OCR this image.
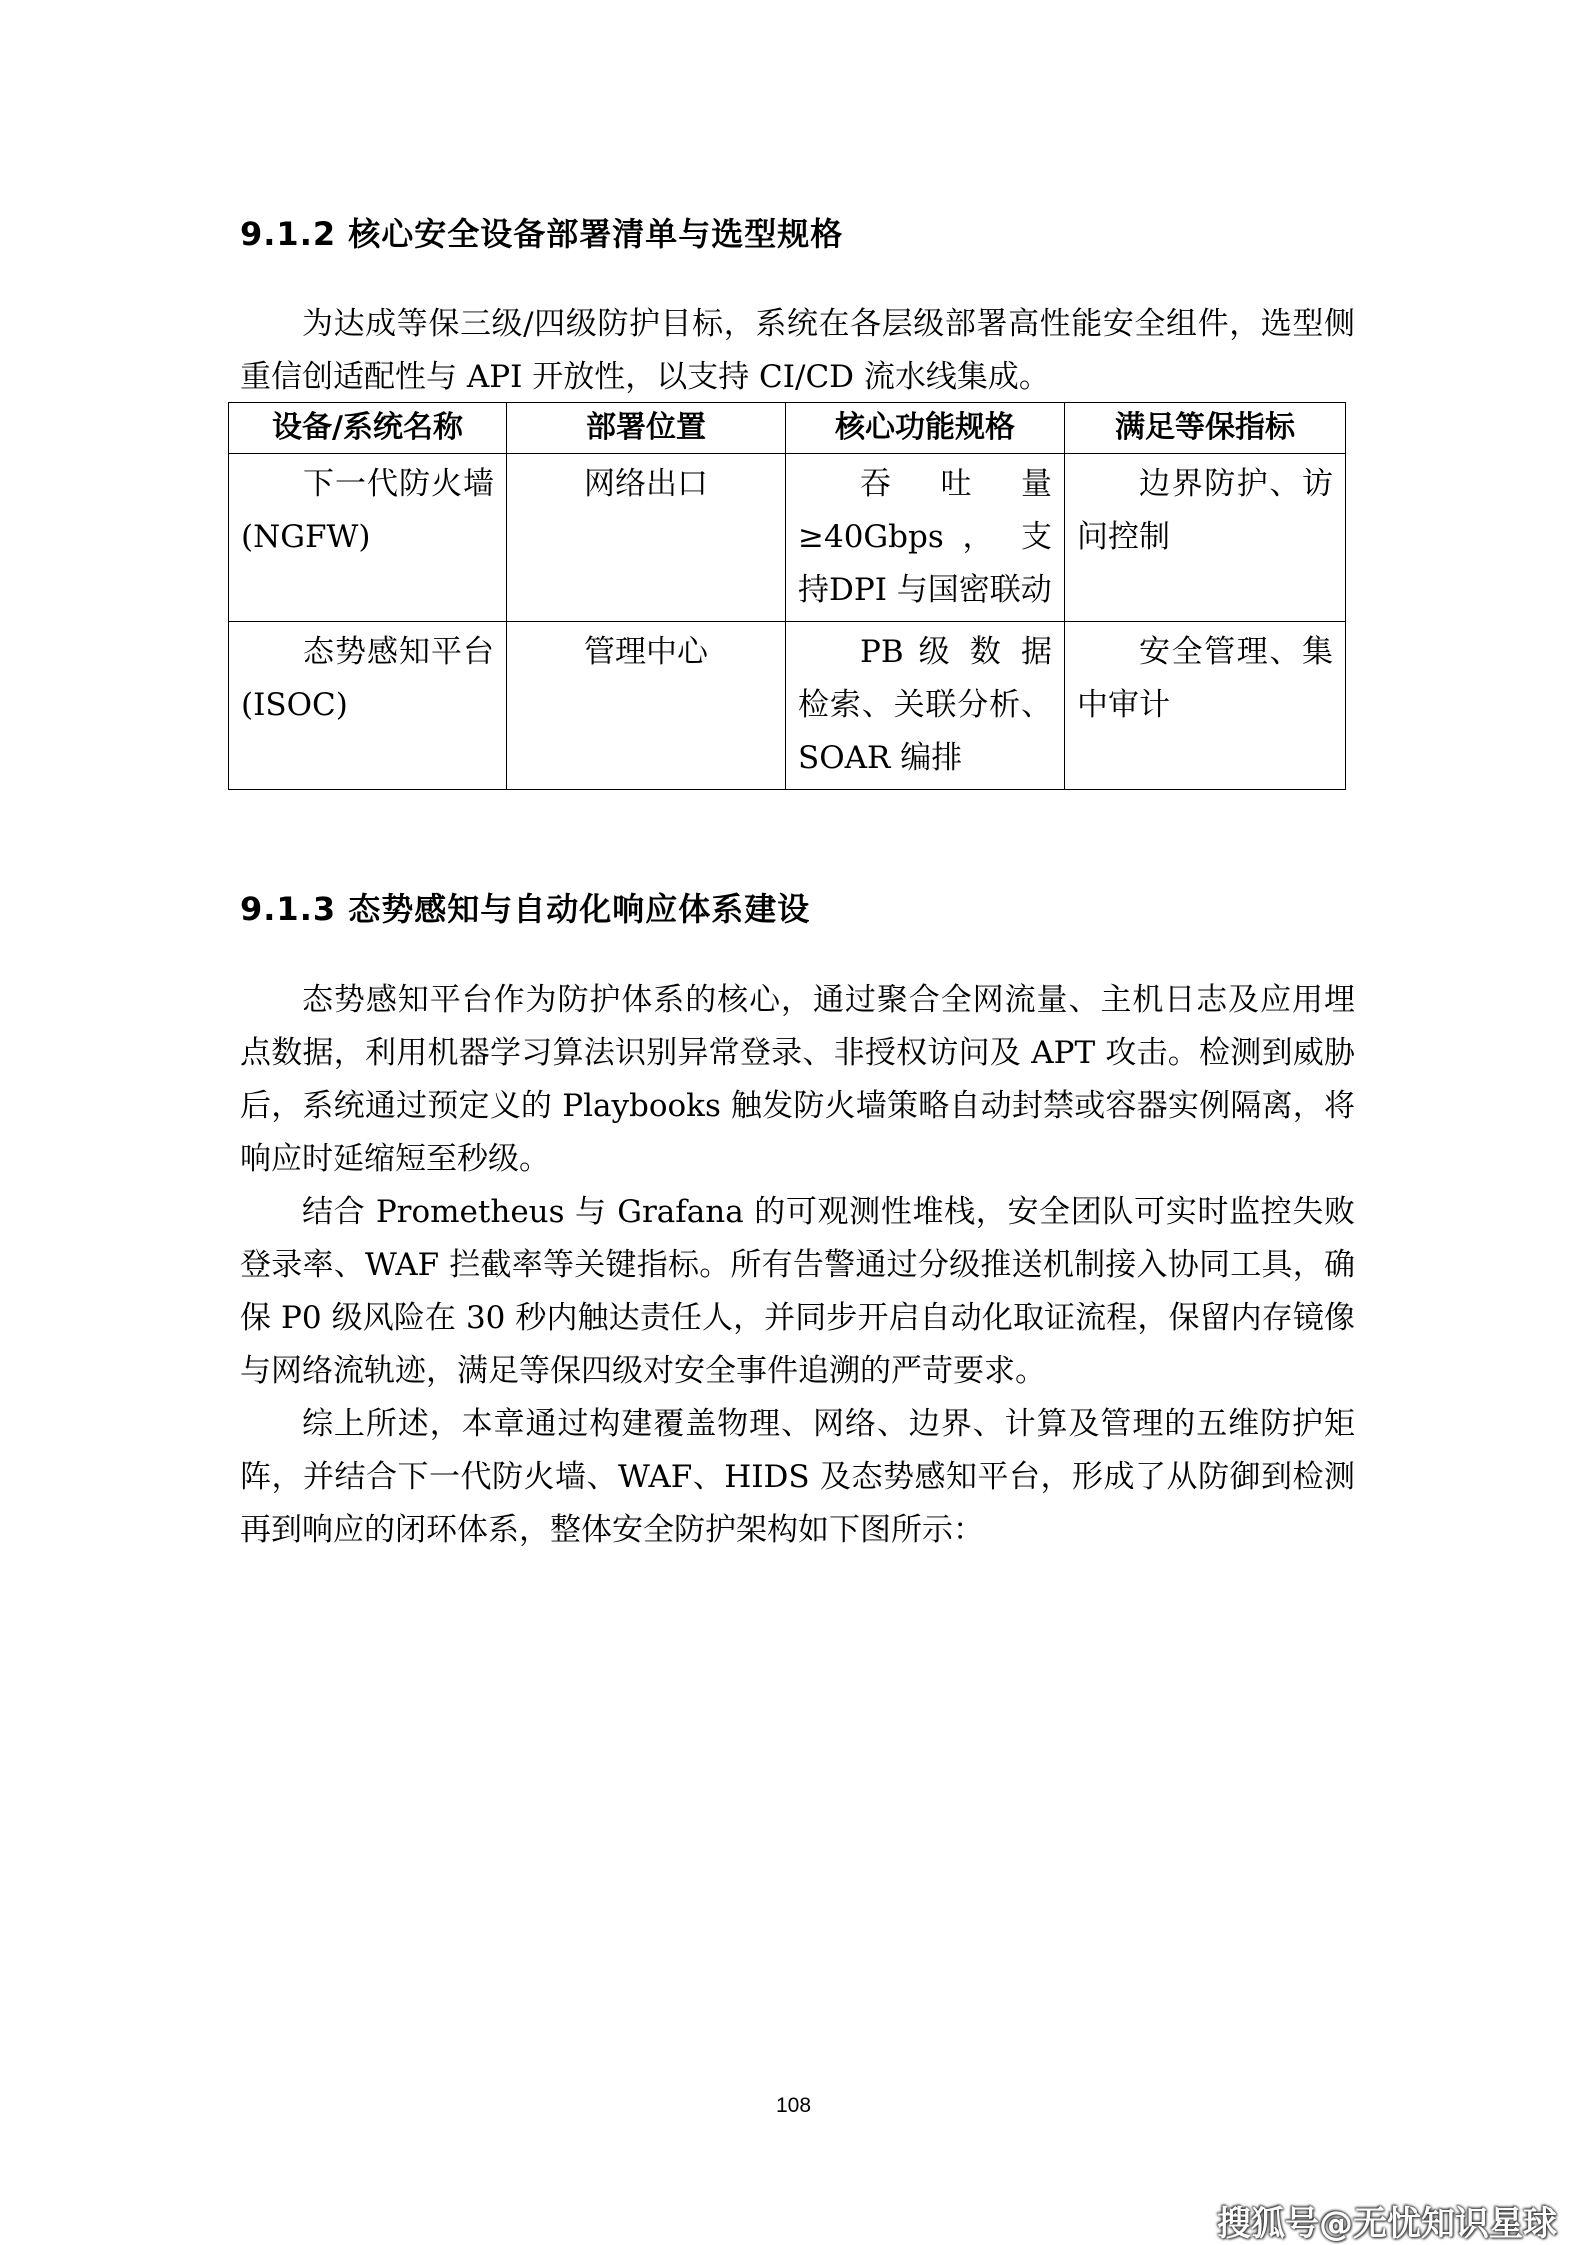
9.1.2 核心安全设备部署清单与选型规格

为达成等保三级/四级防护目标，系统在各层级部署高性能安全组件，选型侧重信创适配性与 API 开放性，以支持 CI/CD 流水线集成。

设备/系统名称	部署位置	核心功能规格	满足等保指标
下一代防火墙(NGFW)	网络出口	吞 吐 量≥40Gbps ， 支 持DPI 与国密联动	边界防护、访问控制
态势感知平台(ISOC)	管理中心	PB 级 数 据 检索、关联分析、SOAR 编排	安全管理、集中审计
9.1.3 态势感知与自动化响应体系建设

态势感知平台作为防护体系的核心，通过聚合全网流量、主机日志及应用埋点数据，利用机器学习算法识别异常登录、非授权访问及 APT 攻击。检测到威胁后，系统通过预定义的 Playbooks 触发防火墙策略自动封禁或容器实例隔离，将响应时延缩短至秒级。

结合 Prometheus 与 Grafana 的可观测性堆栈，安全团队可实时监控失败登录率、WAF 拦截率等关键指标。所有告警通过分级推送机制接入协同工具，确保 P0 级风险在 30 秒内触达责任人，并同步开启自动化取证流程，保留内存镜像与网络流轨迹，满足等保四级对安全事件追溯的严苛要求。

综上所述，本章通过构建覆盖物理、网络、边界、计算及管理的五维防护矩阵，并结合下一代防火墙、WAF、HIDS 及态势感知平台，形成了从防御到检测再到响应的闭环体系，整体安全防护架构如下图所示：

108
搜狐号@无忧知识星球
